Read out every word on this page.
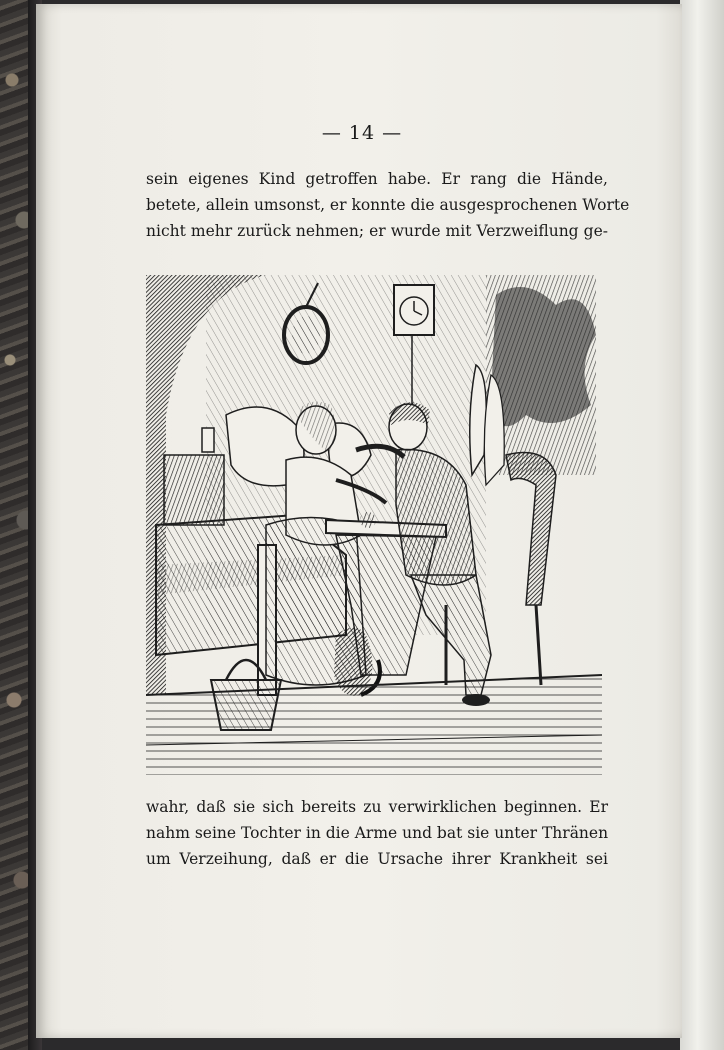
— 14 —
sein eigenes Kind getroffen habe. Er rang die Hände,
betete, allein umsonst, er konnte die ausgesprochenen Worte
nicht mehr zurück nehmen; er wurde mit Verzweiflung ge-
wahr, daß sie sich bereits zu verwirklichen beginnen. Er
nahm seine Tochter in die Arme und bat sie unter Thränen
um Verzeihung, daß er die Ursache ihrer Krankheit sei
